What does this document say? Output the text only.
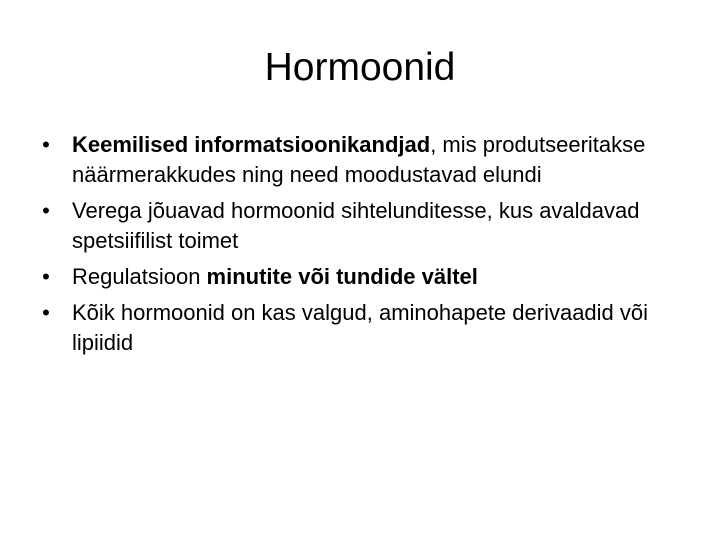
Hormoonid
• Keemilised informatsioonikandjad, mis produtseeritakse näärmerakkudes ning need moodustavad elundi
• Verega jõuavad hormoonid sihtelunditesse, kus avaldavad spetsiifilist toimet
• Regulatsioon minutite või tundide vältel
• Kõik hormoonid on kas valgud, aminohapete derivaadid või lipiidid
